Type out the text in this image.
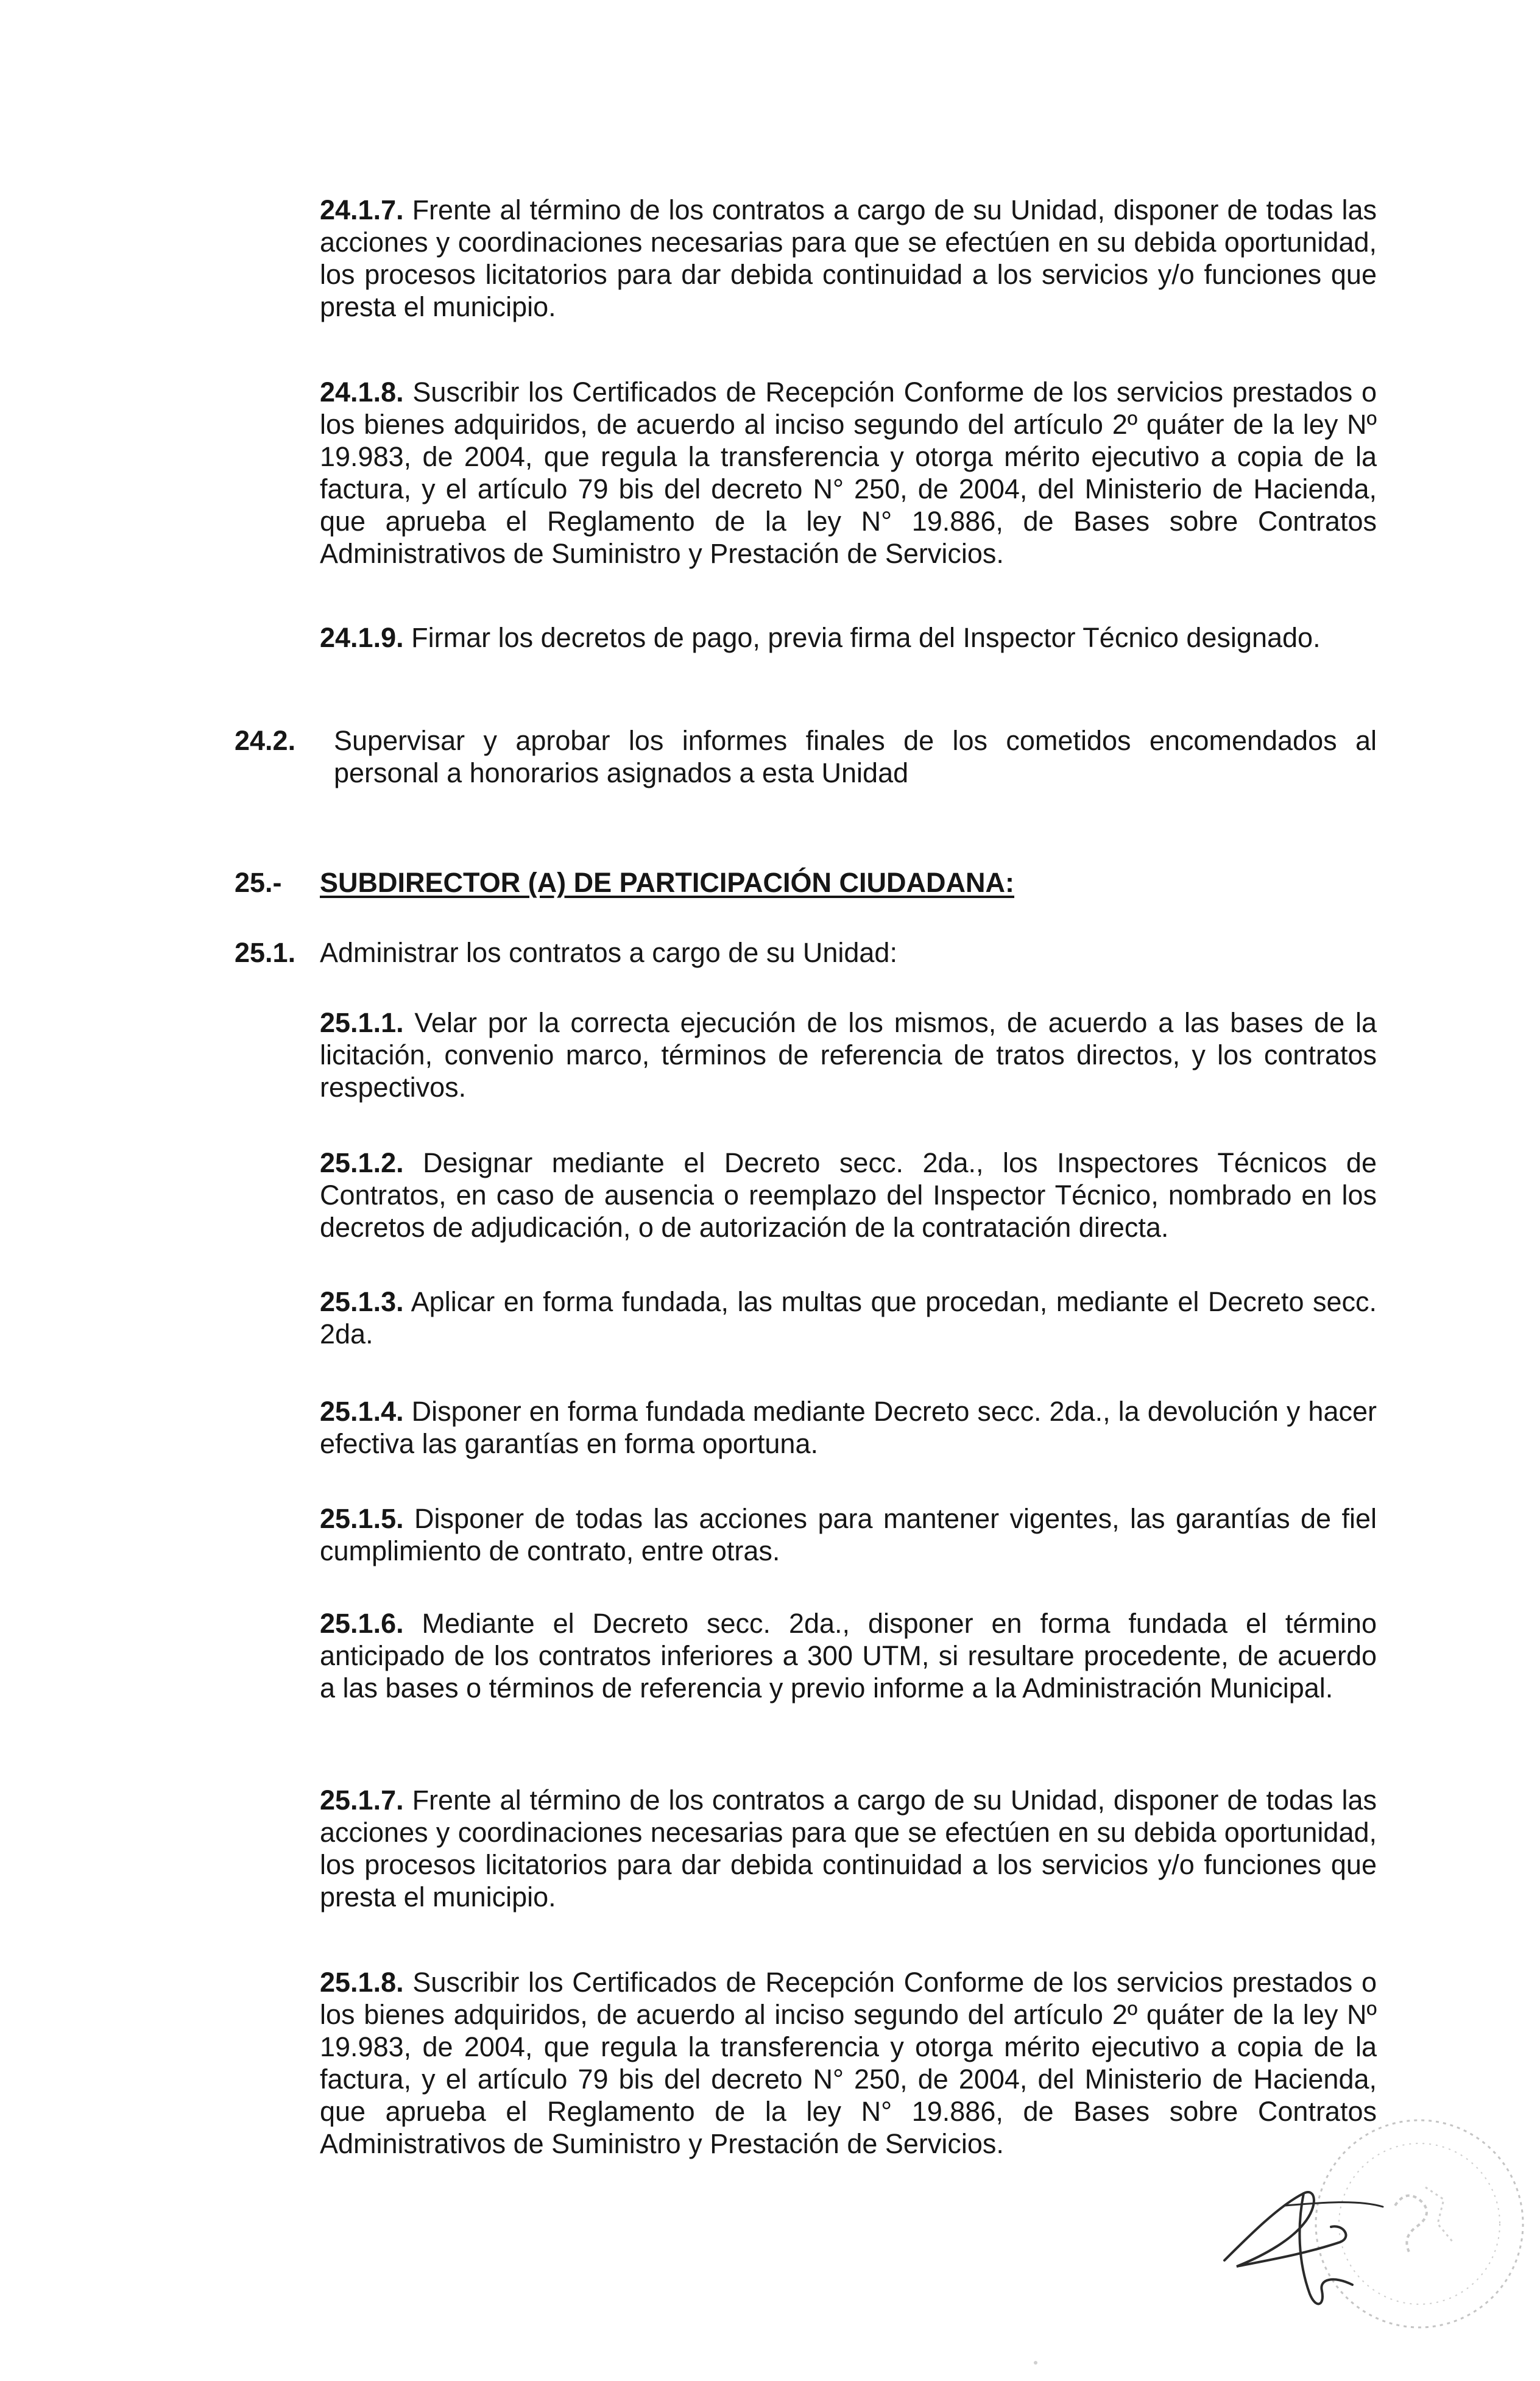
24.1.7. Frente al término de los contratos a cargo de su Unidad, disponer de todas las acciones y coordinaciones necesarias para que se efectúen en su debida oportunidad, los procesos licitatorios para dar debida continuidad a los servicios y/o funciones que presta el municipio.

24.1.8. Suscribir los Certificados de Recepción Conforme de los servicios prestados o los bienes adquiridos, de acuerdo al inciso segundo del artículo 2º quáter de la ley Nº 19.983, de 2004, que regula la transferencia y otorga mérito ejecutivo a copia de la factura, y el artículo 79 bis del decreto N° 250, de 2004, del Ministerio de Hacienda, que aprueba el Reglamento de la ley N° 19.886, de Bases sobre Contratos Administrativos de Suministro y Prestación de Servicios.

24.1.9. Firmar los decretos de pago, previa firma del Inspector Técnico designado.

24.2. Supervisar y aprobar los informes finales de los cometidos encomendados al personal a honorarios asignados a esta Unidad
25.- SUBDIRECTOR (A) DE PARTICIPACIÓN CIUDADANA:
25.1. Administrar los contratos a cargo de su Unidad:

25.1.1. Velar por la correcta ejecución de los mismos, de acuerdo a las bases de la licitación, convenio marco, términos de referencia de tratos directos, y los contratos respectivos.

25.1.2. Designar mediante el Decreto secc. 2da., los Inspectores Técnicos de Contratos, en caso de ausencia o reemplazo del Inspector Técnico, nombrado en los decretos de adjudicación, o de autorización de la contratación directa.

25.1.3. Aplicar en forma fundada, las multas que procedan, mediante el Decreto secc. 2da.

25.1.4. Disponer en forma fundada mediante Decreto secc. 2da., la devolución y hacer efectiva las garantías en forma oportuna.

25.1.5. Disponer de todas las acciones para mantener vigentes, las garantías de fiel cumplimiento de contrato, entre otras.

25.1.6. Mediante el Decreto secc. 2da., disponer en forma fundada el término anticipado de los contratos inferiores a 300 UTM, si resultare procedente, de acuerdo a las bases o términos de referencia y previo informe a la Administración Municipal.

25.1.7. Frente al término de los contratos a cargo de su Unidad, disponer de todas las acciones y coordinaciones necesarias para que se efectúen en su debida oportunidad, los procesos licitatorios para dar debida continuidad a los servicios y/o funciones que presta el municipio.

25.1.8. Suscribir los Certificados de Recepción Conforme de los servicios prestados o los bienes adquiridos, de acuerdo al inciso segundo del artículo 2º quáter de la ley Nº 19.983, de 2004, que regula la transferencia y otorga mérito ejecutivo a copia de la factura, y el artículo 79 bis del decreto N° 250, de 2004, del Ministerio de Hacienda, que aprueba el Reglamento de la ley N° 19.886, de Bases sobre Contratos Administrativos de Suministro y Prestación de Servicios.
